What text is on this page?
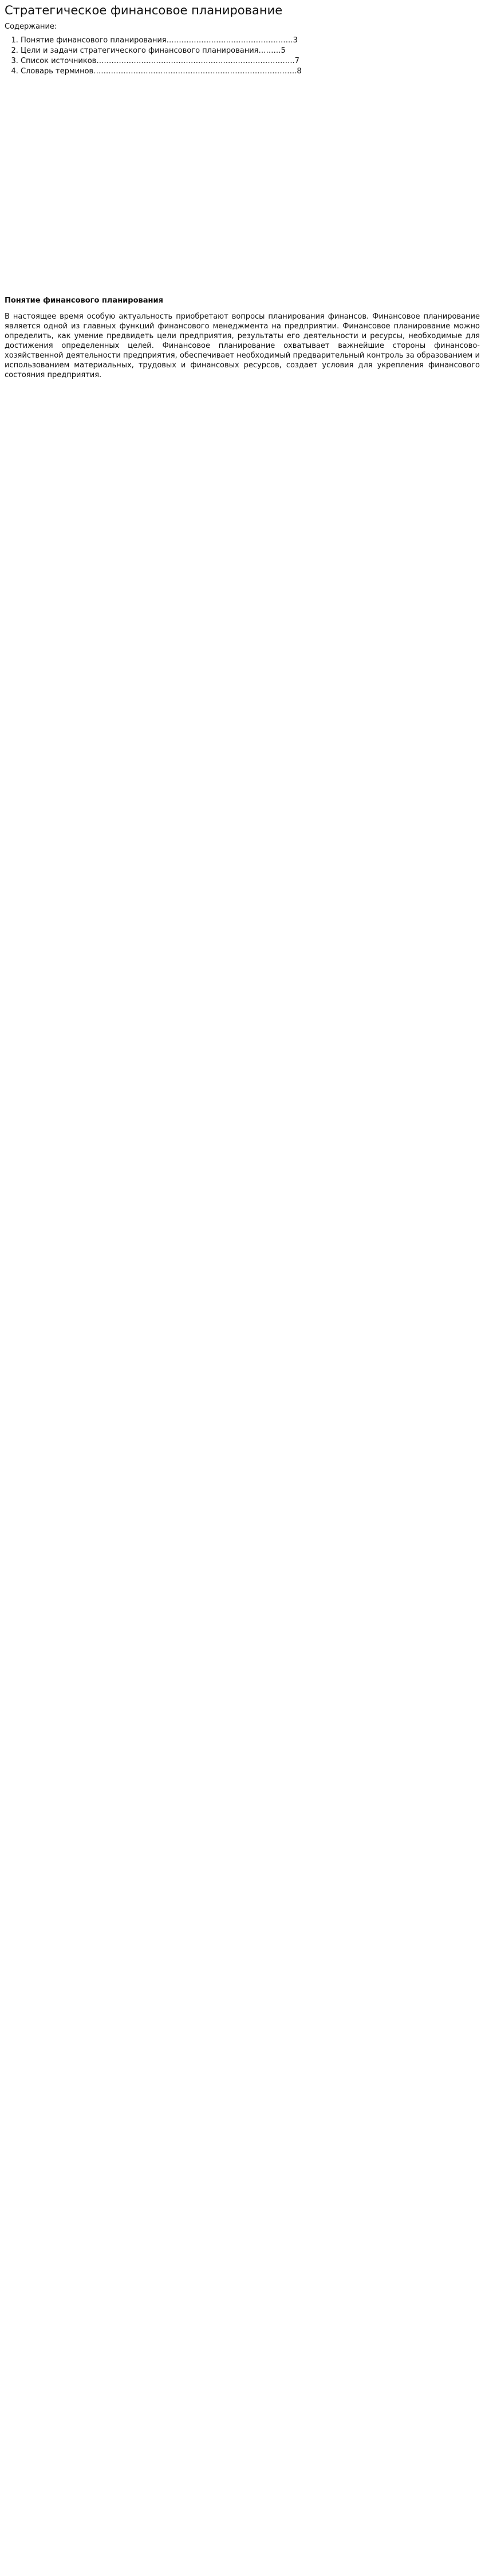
Стратегическое финансовое планирование

Содержание:

1. Понятие финансового планирования……………………………………………3
2. Цели и задачи стратегического финансового планирования………5
3. Список источников……………………………………………………………………..7
4. Словарь терминов……………………………………………………………………….8
Понятие финансового планирования

В настоящее время особую актуальность приобретают вопросы планирования финансов. Финансовое планирование является одной из главных функций финансового менеджмента на предприятии. Финансовое планирование можно определить, как умение предвидеть цели предприятия, результаты его деятельности и ресурсы, необходимые для достижения определенных целей. Финансовое планирование охватывает важнейшие стороны финансово-хозяйственной деятельности предприятия, обеспечивает необходимый предварительный контроль за образованием и использованием материальных, трудовых и финансовых ресурсов, создает условия для укрепления финансового состояния предприятия.
